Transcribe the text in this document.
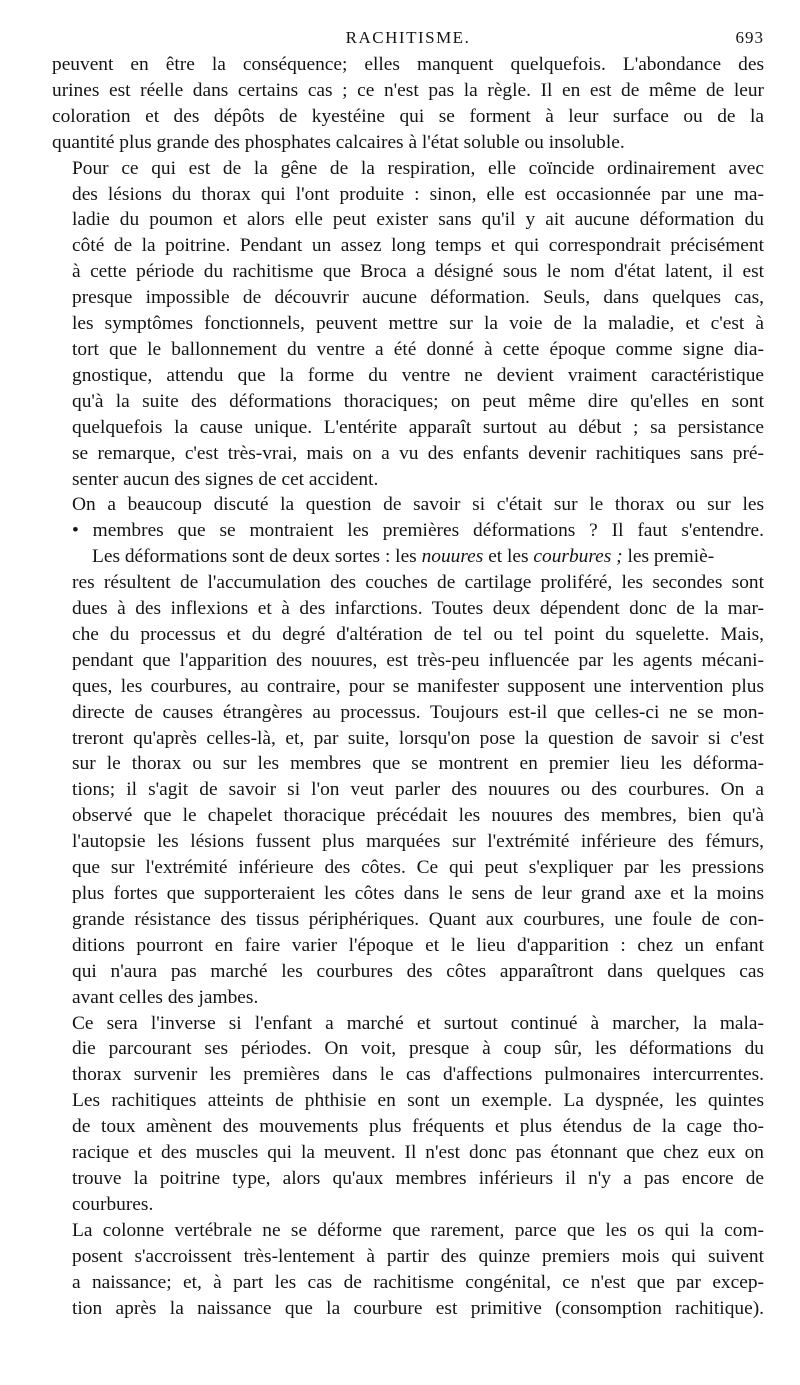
RACHITISME.	693

peuvent en être la conséquence; elles manquent quelquefois. L'abondance des
urines est réelle dans certains cas ; ce n'est pas la règle. Il en est de même de leur
coloration et des dépôts de kyestéine qui se forment à leur surface ou de la
quantité plus grande des phosphates calcaires à l'état soluble ou insoluble.

Pour ce qui est de la gêne de la respiration, elle coïncide ordinairement avec
des lésions du thorax qui l'ont produite : sinon, elle est occasionnée par une ma-
ladie du poumon et alors elle peut exister sans qu'il y ait aucune déformation du
côté de la poitrine. Pendant un assez long temps et qui correspondrait précisément
à cette période du rachitisme que Broca a désigné sous le nom d'état latent, il est
presque impossible de découvrir aucune déformation. Seuls, dans quelques cas,
les symptômes fonctionnels, peuvent mettre sur la voie de la maladie, et c'est à
tort que le ballonnement du ventre a été donné à cette époque comme signe dia-
gnostique, attendu que la forme du ventre ne devient vraiment caractéristique
qu'à la suite des déformations thoraciques; on peut même dire qu'elles en sont
quelquefois la cause unique. L'entérite apparaît surtout au début ; sa persistance
se remarque, c'est très-vrai, mais on a vu des enfants devenir rachitiques sans pré-
senter aucun des signes de cet accident.

On a beaucoup discuté la question de savoir si c'était sur le thorax ou sur les
• membres que se montraient les premières déformations ? Il faut s'entendre.

Les déformations sont de deux sortes : les nouures et les courbures ; les premiè-
res résultent de l'accumulation des couches de cartilage proliféré, les secondes sont
dues à des inflexions et à des infarctions. Toutes deux dépendent donc de la mar-
che du processus et du degré d'altération de tel ou tel point du squelette. Mais,
pendant que l'apparition des nouures, est très-peu influencée par les agents mécani-
ques, les courbures, au contraire, pour se manifester supposent une intervention plus
directe de causes étrangères au processus. Toujours est-il que celles-ci ne se mon-
treront qu'après celles-là, et, par suite, lorsqu'on pose la question de savoir si c'est
sur le thorax ou sur les membres que se montrent en premier lieu les déforma-
tions; il s'agit de savoir si l'on veut parler des nouures ou des courbures. On a
observé que le chapelet thoracique précédait les nouures des membres, bien qu'à
l'autopsie les lésions fussent plus marquées sur l'extrémité inférieure des fémurs,
que sur l'extrémité inférieure des côtes. Ce qui peut s'expliquer par les pressions
plus fortes que supporteraient les côtes dans le sens de leur grand axe et la moins
grande résistance des tissus périphériques. Quant aux courbures, une foule de con-
ditions pourront en faire varier l'époque et le lieu d'apparition : chez un enfant
qui n'aura pas marché les courbures des côtes apparaîtront dans quelques cas
avant celles des jambes.

Ce sera l'inverse si l'enfant a marché et surtout continué à marcher, la mala-
die parcourant ses périodes. On voit, presque à coup sûr, les déformations du
thorax survenir les premières dans le cas d'affections pulmonaires intercurrentes.
Les rachitiques atteints de phthisie en sont un exemple. La dyspnée, les quintes
de toux amènent des mouvements plus fréquents et plus étendus de la cage tho-
racique et des muscles qui la meuvent. Il n'est donc pas étonnant que chez eux on
trouve la poitrine type, alors qu'aux membres inférieurs il n'y a pas encore de
courbures.

La colonne vertébrale ne se déforme que rarement, parce que les os qui la com-
posent s'accroissent très-lentement à partir des quinze premiers mois qui suivent
a naissance; et, à part les cas de rachitisme congénital, ce n'est que par excep-
tion après la naissance que la courbure est primitive (consomption rachitique).
